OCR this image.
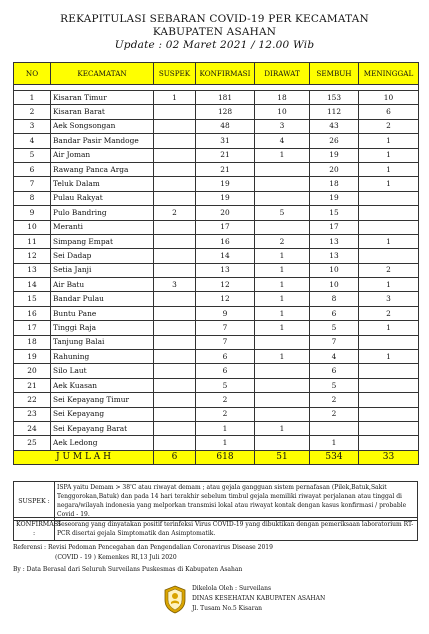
REKAPITULASI SEBARAN COVID-19 PER KECAMATAN
KABUPATEN ASAHAN
Update : 02 Maret 2021 / 12.00 Wib
NO	KECAMATAN	SUSPEK	KONFIRMASI	DIRAWAT	SEMBUH	MENINGGAL

1	Kisaran Timur	1	181	18	153	10
2	Kisaran Barat		128	10	112	6
3	Aek Songsongan		48	3	43	2
4	Bandar Pasir Mandoge		31	4	26	1
5	Air Joman		21	1	19	1
6	Rawang Panca Arga		21		20	1
7	Teluk Dalam		19		18	1
8	Pulau Rakyat		19		19	
9	Pulo Bandring	2	20	5	15	
10	Meranti		17		17	
11	Simpang Empat		16	2	13	1
12	Sei Dadap		14	1	13	
13	Setia Janji		13	1	10	2
14	Air Batu	3	12	1	10	1
15	Bandar Pulau		12	1	8	3
16	Buntu Pane		9	1	6	2
17	Tinggi Raja		7	1	5	1
18	Tanjung Balai		7		7	
19	Rahuning		6	1	4	1
20	Silo Laut		6		6	
21	Aek Kuasan		5		5	
22	Sei Kepayang Timur		2		2	
23	Sei Kepayang		2		2	
24	Sei Kepayang Barat		1	1		
25	Aek Ledong		1		1	
J U M L A H		6	618	51	534	33
SUSPEK :	ISPA yaitu Demam > 38'C atau riwayat demam ; atau gejala gangguan sistem pernafasan (Pilek,Batuk,Sakit Tenggorokan,Batuk) dan pada 14 hari terakhir sebelum timbul gejala memiliki riwayat perjalanan atau tinggal di negara/wilayah indonesia yang melporkan transmisi lokal atau riwayat kontak dengan kasus konfirmasi / probable Covid - 19.
KONFIRMASI :	Seseorang yang dinyatakan positif terinfeksi Virus COVID-19 yang dibuktikan dengan pemeriksaan laboratorium RT-PCR disertai gejala Simptomatik dan Asimptomatik.
Referensi : Revisi Pedoman Pencegahan dan Pengendalian Coronavirus Disease 2019
(COVID - 19 ) Kemenkes RI,13 Juli 2020
By : Data Berasal dari Seluruh Surveilans Puskesmas di Kabupaten Asahan
Dikelola Oleh : Surveilans
DINAS KESEHATAN KABUPATEN ASAHAN
Jl. Tusam No.5 Kisaran
